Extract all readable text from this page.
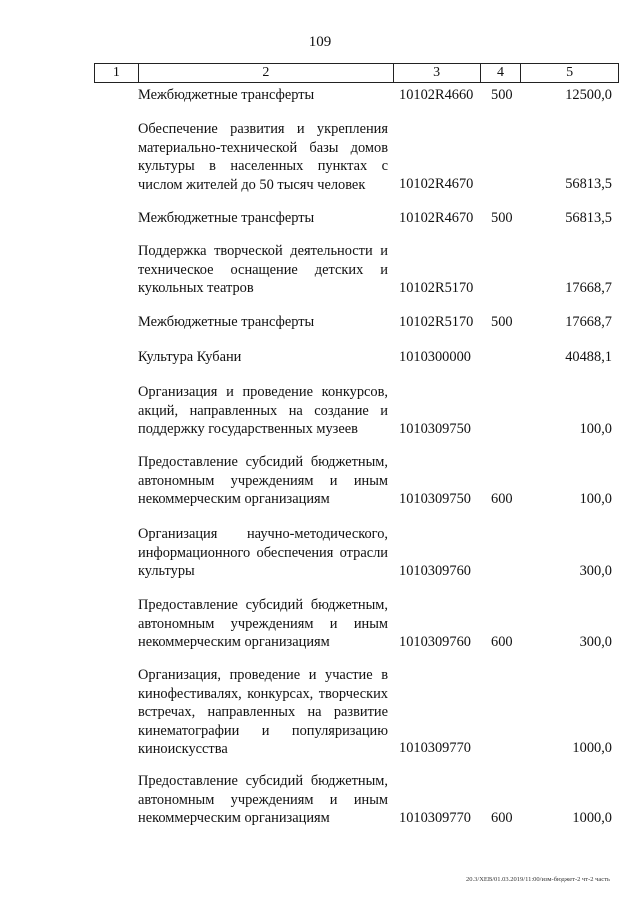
109
1	2	3	4	5
Межбюджетные трансферты	10102R4660 500	12500,0
Обеспечение развития и укрепления материально-технической базы домов культуры в населенных пунктах с числом жителей до 50 тысяч человек	10102R4670	56813,5
Межбюджетные трансферты	10102R4670 500	56813,5
Поддержка творческой деятельности и техническое оснащение детских и кукольных театров	10102R5170	17668,7
Межбюджетные трансферты	10102R5170 500	17668,7
Культура Кубани	1010300000	40488,1
Организация и проведение конкурсов, акций, направленных на создание и поддержку государственных музеев	1010309750	100,0
Предоставление субсидий бюджетным, автономным учреждениям и иным некоммерческим организациям	1010309750 600	100,0
Организация научно-методического, информационного обеспечения отрасли культуры	1010309760	300,0
Предоставление субсидий бюджетным, автономным учреждениям и иным некоммерческим организациям	1010309760 600	300,0
Организация, проведение и участие в кинофестивалях, конкурсах, творческих встречах, направленных на развитие кинематографии и популяризацию киноискусства	1010309770	1000,0
Предоставление субсидий бюджетным, автономным учреждениям и иным некоммерческим организациям	1010309770 600	1000,0
20.3/ХЕВ/01.03.2019/11:00/изм-бюджет-2 чт-2 часть
